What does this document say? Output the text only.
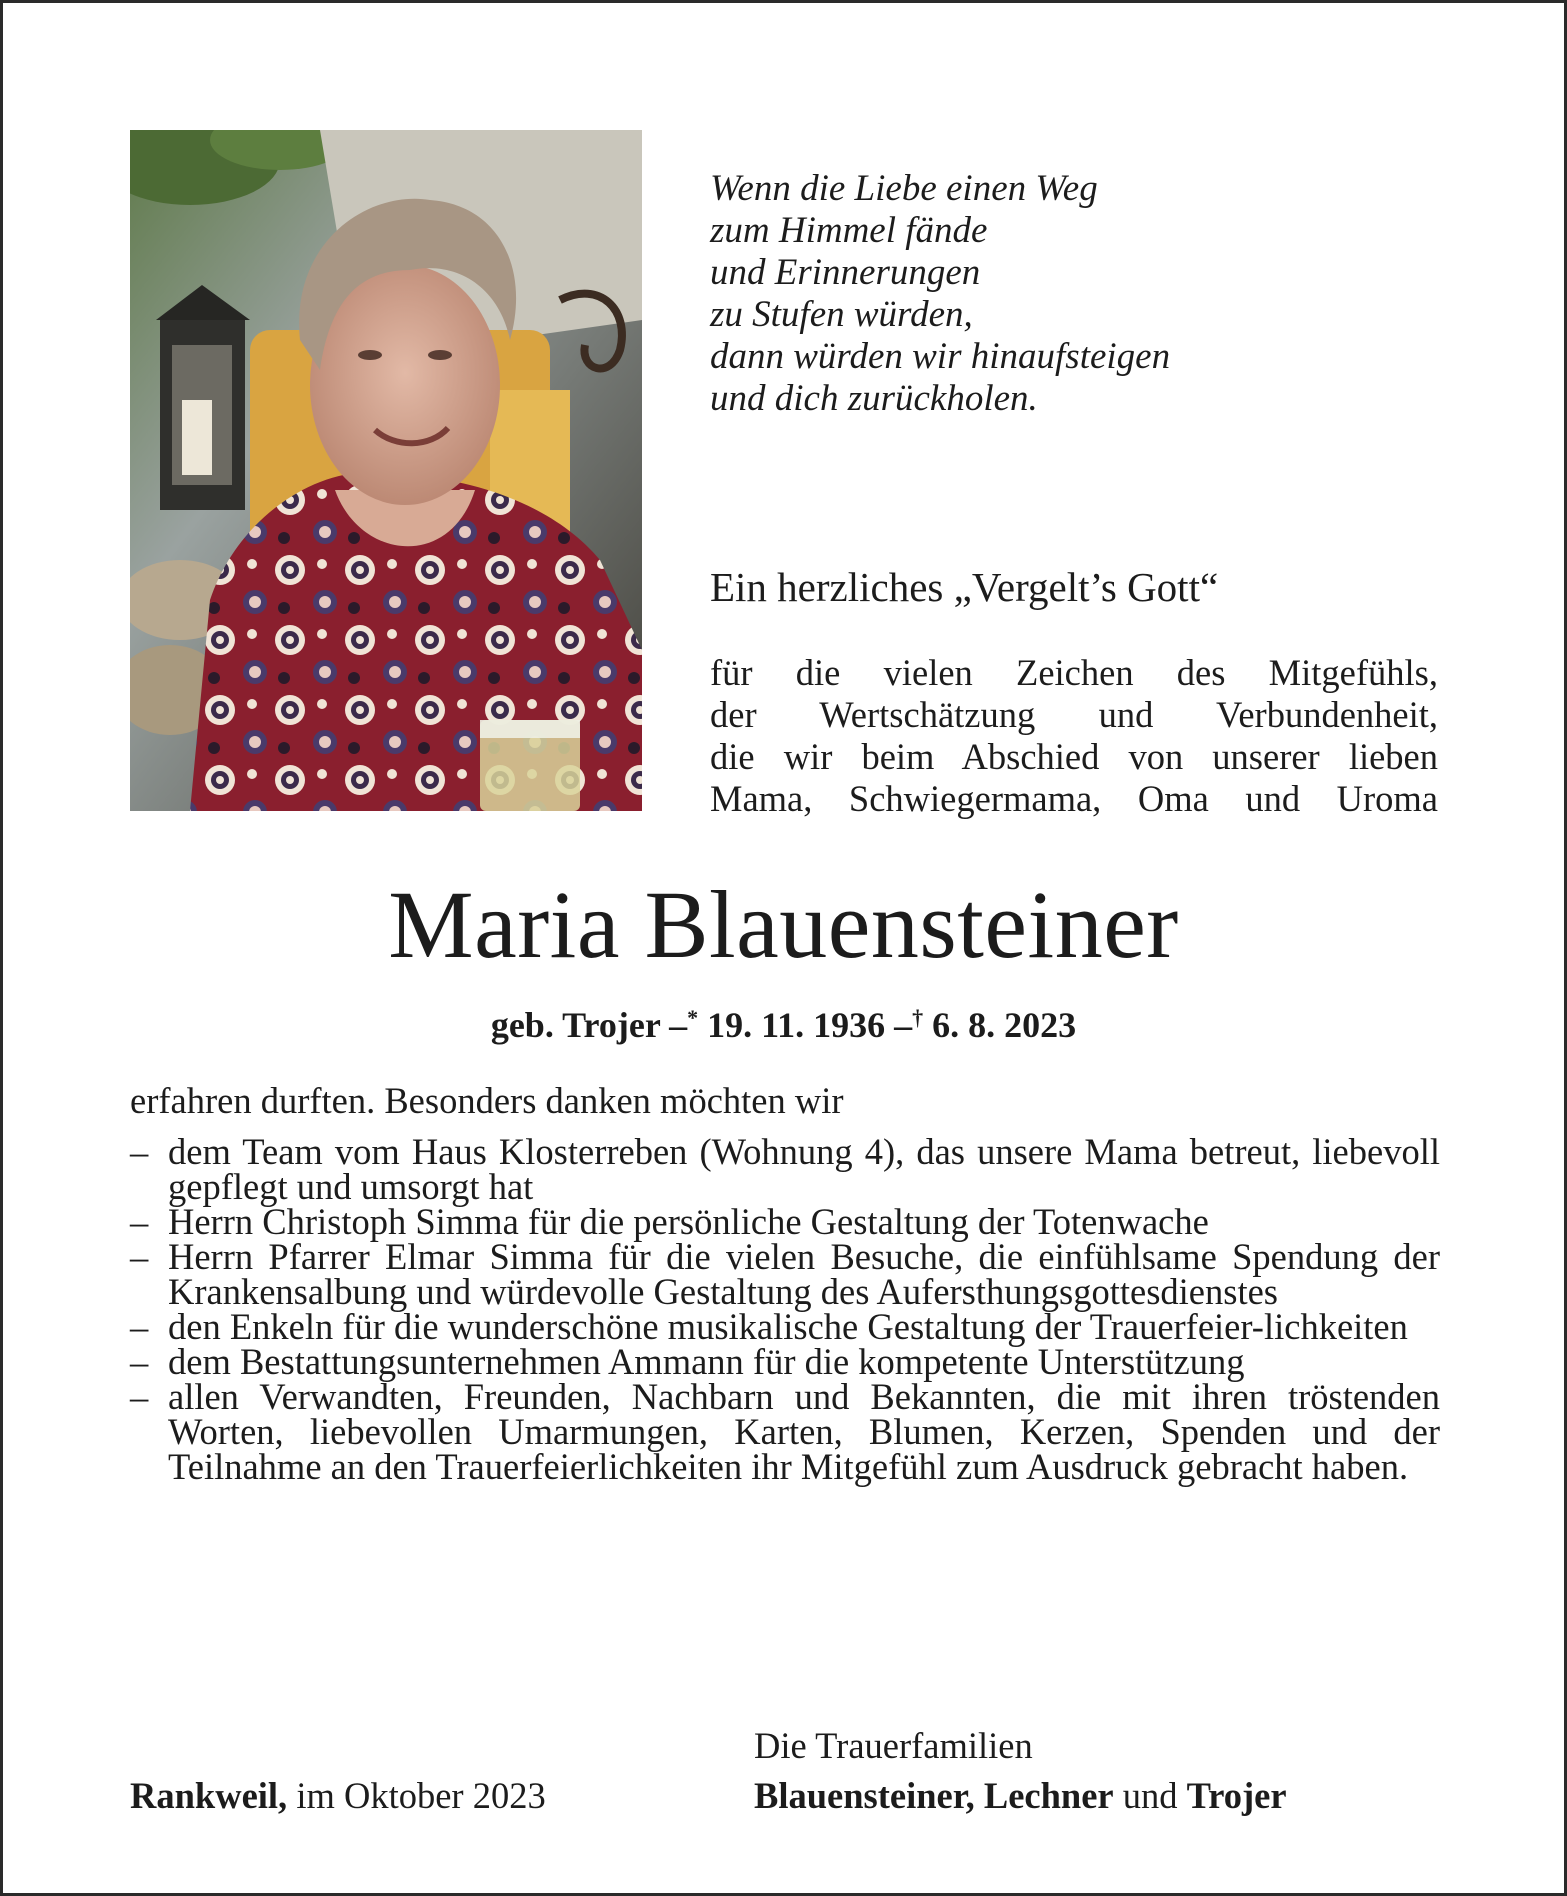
Wenn die Liebe einen Weg
zum Himmel fände
und Erinnerungen
zu Stufen würden,
dann würden wir hinaufsteigen
und dich zurückholen.
Ein herzliches „Vergelt’s Gott“
für die vielen Zeichen des Mitgefühls,
der Wertschätzung und Verbundenheit,
die wir beim Abschied von unserer lieben
Mama, Schwiegermama, Oma und Uroma
Maria Blauensteiner
geb. Trojer –* 19. 11. 1936 –† 6. 8. 2023
erfahren durften. Besonders danken möchten wir
– dem Team vom Haus Klosterreben (Wohnung 4), das unsere Mama betreut, liebevoll gepflegt und umsorgt hat
– Herrn Christoph Simma für die persönliche Gestaltung der Totenwache
– Herrn Pfarrer Elmar Simma für die vielen Besuche, die einfühlsame Spendung der Krankensalbung und würdevolle Gestaltung des Aufersthungsgottesdienstes
– den Enkeln für die wunderschöne musikalische Gestaltung der Trauerfeier-lichkeiten
– dem Bestattungsunternehmen Ammann für die kompetente Unterstützung
– allen Verwandten, Freunden, Nachbarn und Bekannten, die mit ihren tröstenden Worten, liebevollen Umarmungen, Karten, Blumen, Kerzen, Spenden und der Teilnahme an den Trauerfeierlichkeiten ihr Mitgefühl zum Ausdruck gebracht haben.
Die Trauerfamilien
Rankweil, im Oktober 2023	Blauensteiner, Lechner und Trojer
